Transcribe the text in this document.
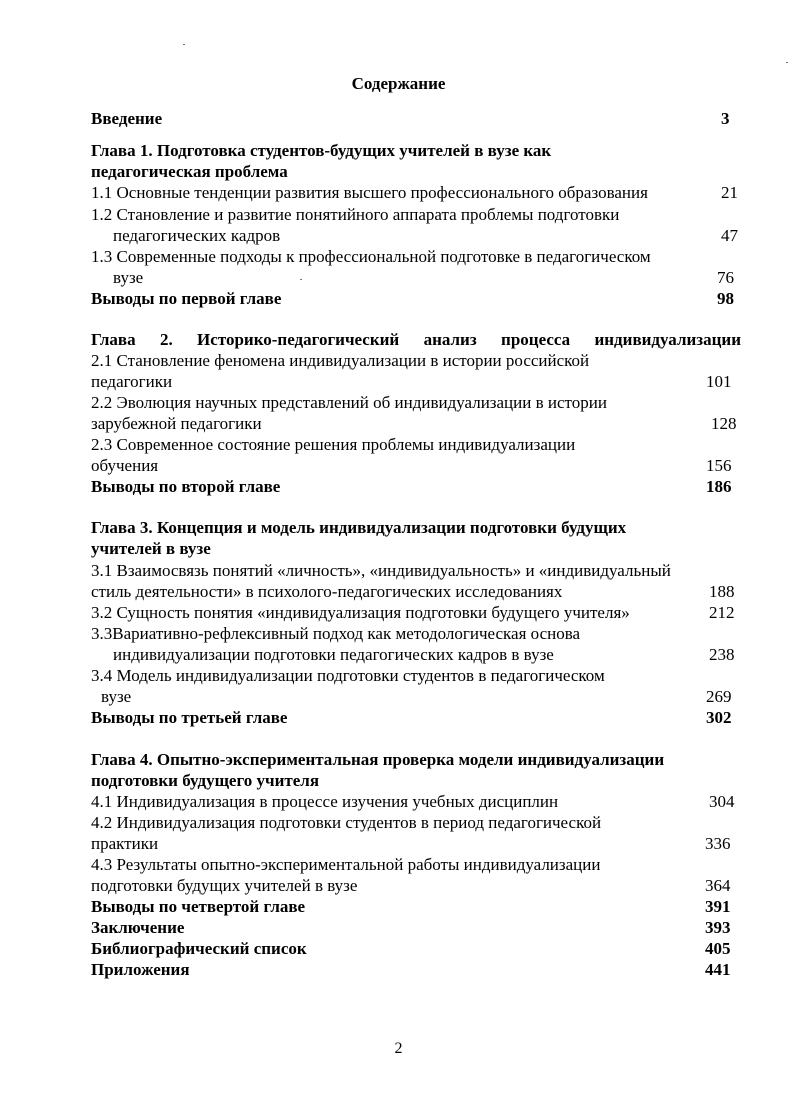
Содержание
Введение	3
Глава 1. Подготовка студентов-будущих учителей в вузе как
педагогическая проблема
1.1 Основные тенденции развития высшего профессионального образования	21
1.2 Становление и развитие понятийного аппарата проблемы подготовки
педагогических кадров	47
1.3 Современные подходы к профессиональной подготовке в педагогическом
вузе	76
Выводы по первой главе	98
Глава 2. Историко-педагогический анализ процесса индивидуализации
2.1 Становление феномена индивидуализации в истории российской
педагогики	101
2.2 Эволюция научных представлений об индивидуализации в истории
зарубежной педагогики	128
2.3 Современное состояние решения проблемы индивидуализации
обучения	156
Выводы по второй главе	186
Глава 3. Концепция и модель индивидуализации подготовки будущих
учителей в вузе
3.1 Взаимосвязь понятий «личность», «индивидуальность» и «индивидуальный
стиль деятельности» в психолого-педагогических исследованиях	188
3.2 Сущность понятия «индивидуализация подготовки будущего учителя»	212
3.3Вариативно-рефлексивный подход как методологическая основа
индивидуализации подготовки педагогических кадров в вузе	238
3.4 Модель индивидуализации подготовки студентов в педагогическом
вузе	269
Выводы по третьей главе	302
Глава 4. Опытно-экспериментальная проверка модели индивидуализации
подготовки будущего учителя
4.1 Индивидуализация в процессе изучения учебных дисциплин	304
4.2 Индивидуализация подготовки студентов в период педагогической
практики	336
4.3 Результаты опытно-экспериментальной работы индивидуализации
подготовки будущих учителей в вузе	364
Выводы по четвертой главе	391
Заключение	393
Библиографический список	405
Приложения	441
2
